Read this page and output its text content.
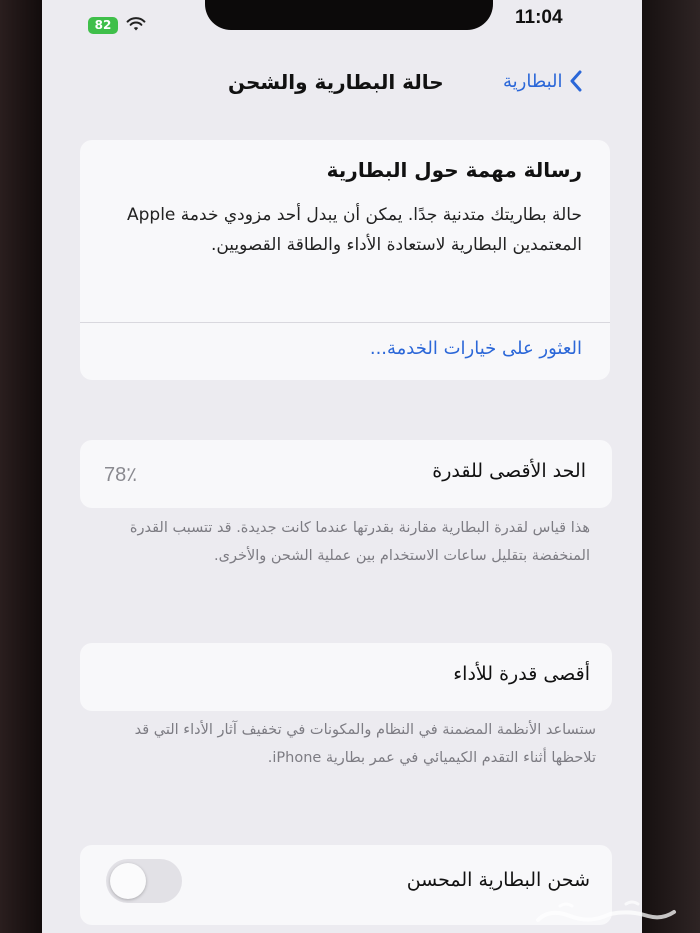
82	11:04
حالة البطارية والشحن	البطارية
رسالة مهمة حول البطارية
حالة بطاريتك متدنية جدًا. يمكن أن يبدل أحد مزودي خدمة Apple المعتمدين البطارية لاستعادة الأداء والطاقة القصويين.
العثور على خيارات الخدمة...
الحد الأقصى للقدرة
78٪
هذا قياس لقدرة البطارية مقارنة بقدرتها عندما كانت جديدة. قد تتسبب القدرة المنخفضة بتقليل ساعات الاستخدام بين عملية الشحن والأخرى.
أقصى قدرة للأداء
ستساعد الأنظمة المضمنة في النظام والمكونات في تخفيف آثار الأداء التي قد تلاحظها أثناء التقدم الكيميائي في عمر بطارية iPhone.
شحن البطارية المحسن
